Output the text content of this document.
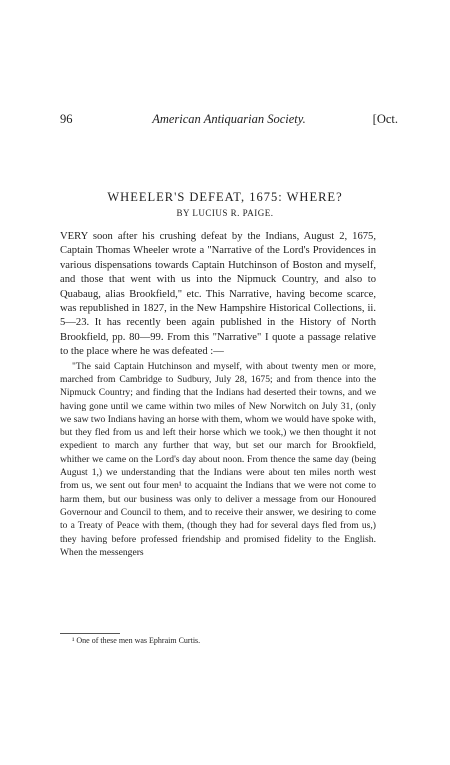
96	American Antiquarian Society.	[Oct.
WHEELER'S DEFEAT, 1675: WHERE?
BY LUCIUS R. PAIGE.

VERY soon after his crushing defeat by the Indians, August 2, 1675, Captain Thomas Wheeler wrote a "Narrative of the Lord's Providences in various dispensations towards Captain Hutchinson of Boston and myself, and those that went with us into the Nipmuck Country, and also to Quabaug, alias Brookfield," etc. This Narrative, having become scarce, was republished in 1827, in the New Hampshire Historical Collections, ii. 5—23. It has recently been again published in the History of North Brookfield, pp. 80—99. From this "Narrative" I quote a passage relative to the place where he was defeated :—

"The said Captain Hutchinson and myself, with about twenty men or more, marched from Cambridge to Sudbury, July 28, 1675; and from thence into the Nipmuck Country; and finding that the Indians had deserted their towns, and we having gone until we came within two miles of New Norwitch on July 31, (only we saw two Indians having an horse with them, whom we would have spoke with, but they fled from us and left their horse which we took,) we then thought it not expedient to march any further that way, but set our march for Brookfield, whither we came on the Lord's day about noon. From thence the same day (being August 1,) we understanding that the Indians were about ten miles north west from us, we sent out four men¹ to acquaint the Indians that we were not come to harm them, but our business was only to deliver a message from our Honoured Governour and Council to them, and to receive their answer, we desiring to come to a Treaty of Peace with them, (though they had for several days fled from us,) they having before professed friendship and promised fidelity to the English. When the messengers

¹ One of these men was Ephraim Curtis.
